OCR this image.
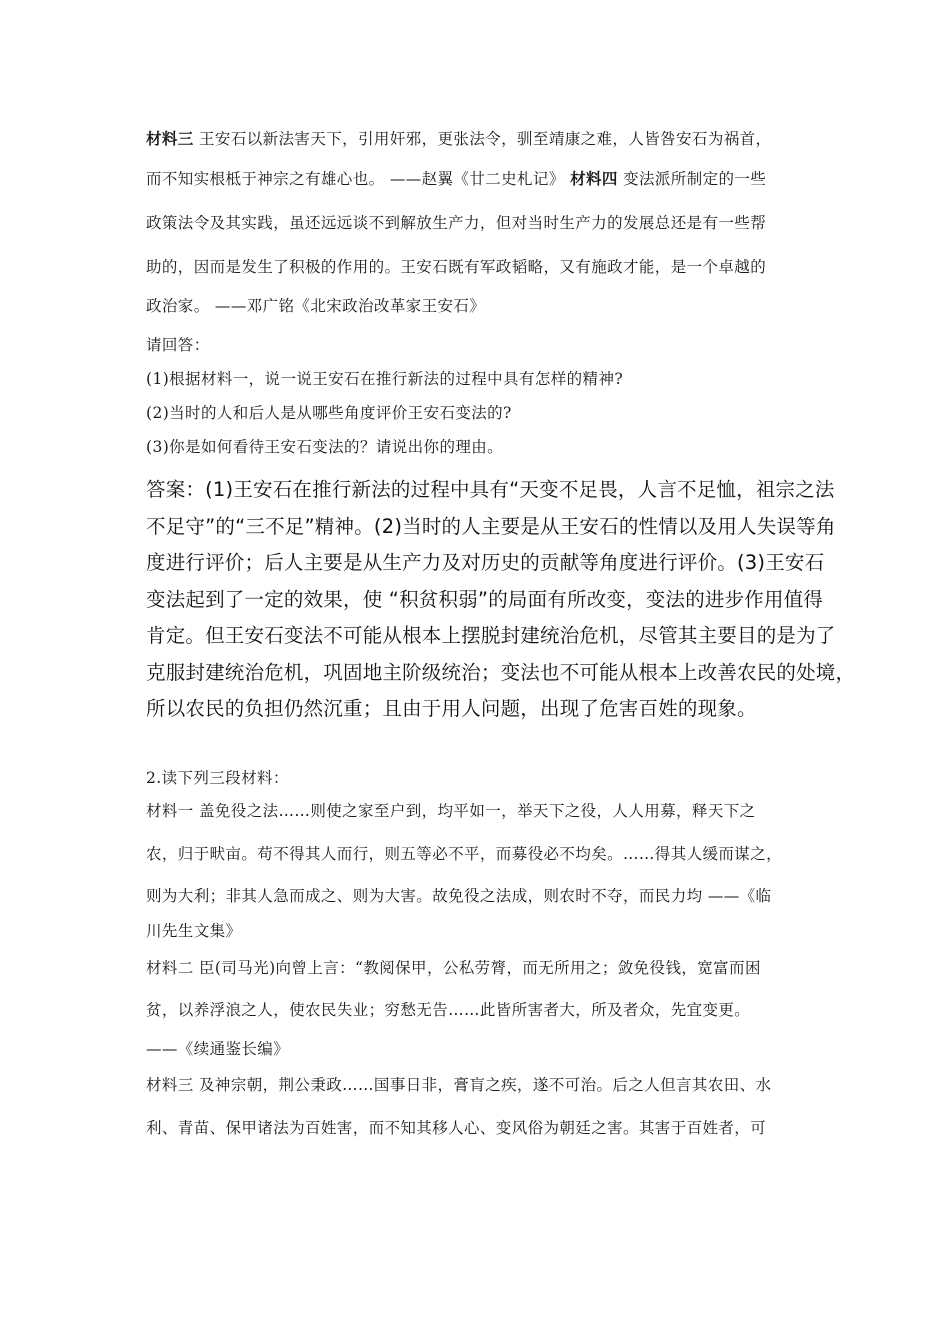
材料三 王安石以新法害天下，引用奸邪，更张法令，驯至靖康之难，人皆咎安石为祸首，
而不知实根柢于神宗之有雄心也。 ——赵翼《廿二史札记》 材料四 变法派所制定的一些
政策法令及其实践，虽还远远谈不到解放生产力，但对当时生产力的发展总还是有一些帮
助的，因而是发生了积极的作用的。王安石既有军政韬略，又有施政才能，是一个卓越的
政治家。 ——邓广铭《北宋政治改革家王安石》
请回答：
(1)根据材料一，说一说王安石在推行新法的过程中具有怎样的精神?
(2)当时的人和后人是从哪些角度评价王安石变法的?
(3)你是如何看待王安石变法的？请说出你的理由。
答案：(1)王安石在推行新法的过程中具有“天变不足畏，人言不足恤，祖宗之法
不足守”的“三不足”精神。(2)当时的人主要是从王安石的性情以及用人失误等角
度进行评价；后人主要是从生产力及对历史的贡献等角度进行评价。(3)王安石
变法起到了一定的效果，使 “积贫积弱”的局面有所改变，变法的进步作用值得
肯定。但王安石变法不可能从根本上摆脱封建统治危机，尽管其主要目的是为了
克服封建统治危机，巩固地主阶级统治；变法也不可能从根本上改善农民的处境，
所以农民的负担仍然沉重；且由于用人问题，出现了危害百姓的现象。
2.读下列三段材料：
材料一 盖免役之法……则使之家至户到，均平如一，举天下之役，人人用募，释天下之
农，归于畎亩。苟不得其人而行，则五等必不平，而募役必不均矣。……得其人缓而谋之，
则为大利；非其人急而成之、则为大害。故免役之法成，则农时不夺，而民力均 ——《临
川先生文集》
材料二 臣(司马光)向曾上言：“教阅保甲，公私劳膂，而无所用之；敛免役钱，宽富而困
贫，以养浮浪之人，使农民失业；穷愁无告……此皆所害者大，所及者众，先宜变更。
——《续通鉴长编》
材料三 及神宗朝，荆公秉政……国事日非，膏肓之疾，遂不可治。后之人但言其农田、水
利、青苗、保甲诸法为百姓害，而不知其移人心、变风俗为朝廷之害。其害于百姓者，可
